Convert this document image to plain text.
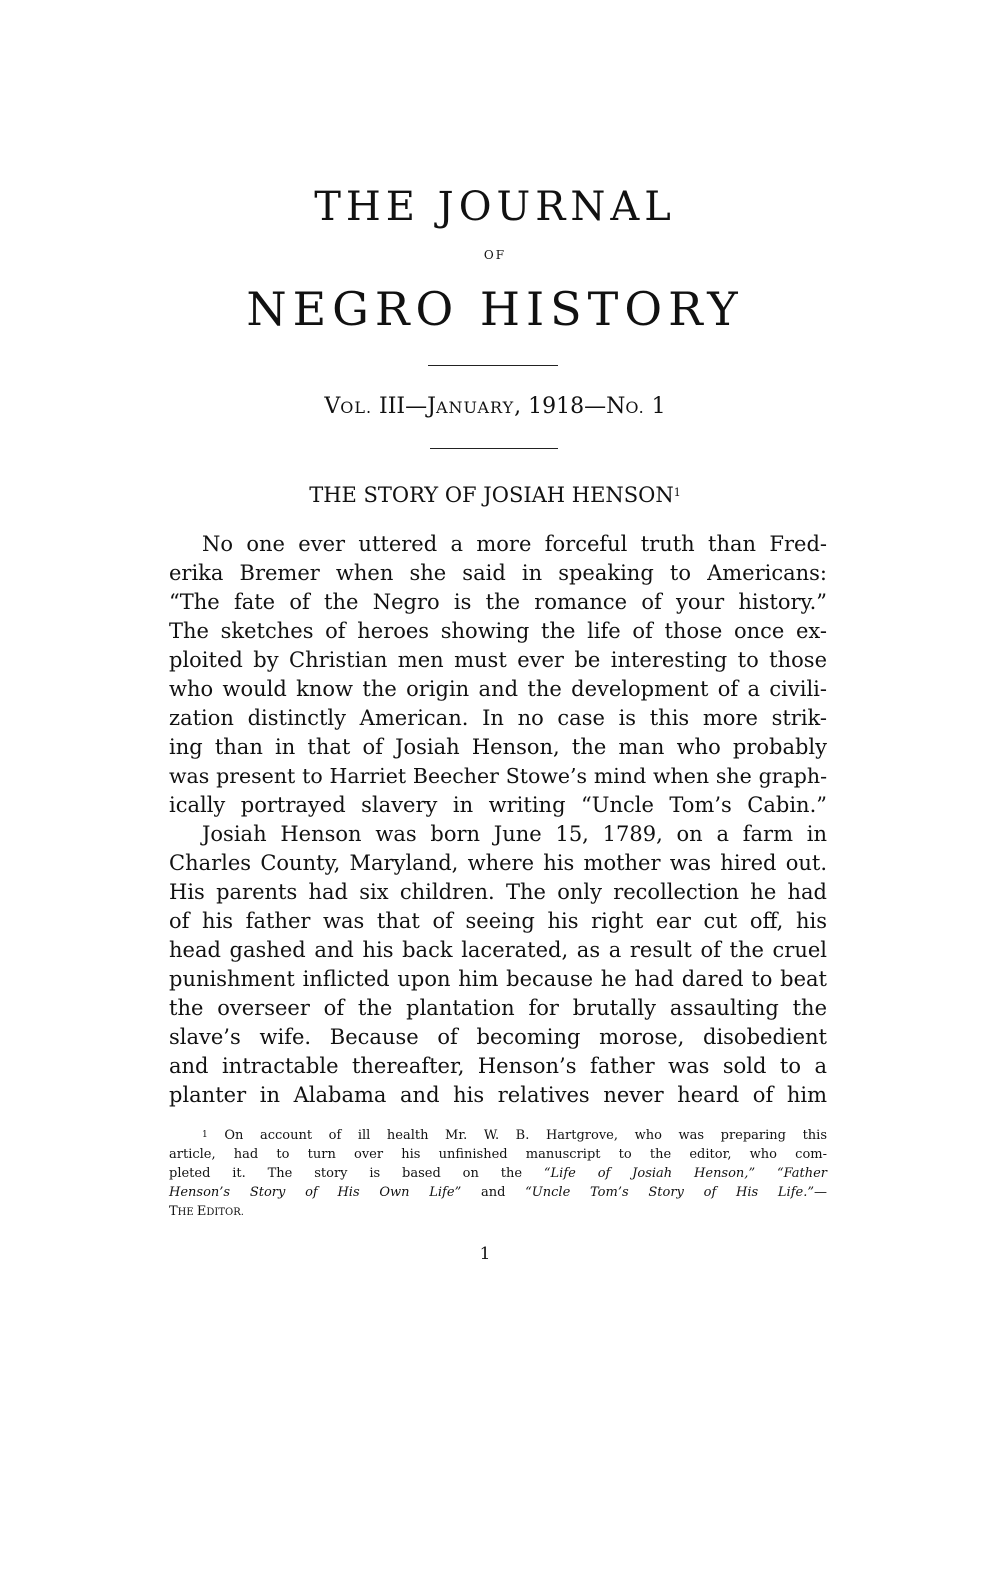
THE JOURNAL
OF
NEGRO HISTORY
VOL. III—JANUARY, 1918—NO. 1
THE STORY OF JOSIAH HENSON$^1$
No one ever uttered a more forceful truth than Fred-
erika Bremer when she said in speaking to Americans:
“The fate of the Negro is the romance of your history.”
The sketches of heroes showing the life of those once ex-
ploited by Christian men must ever be interesting to those
who would know the origin and the development of a civili-
zation distinctly American. In no case is this more strik-
ing than in that of Josiah Henson, the man who probably
was present to Harriet Beecher Stowe’s mind when she graph-
ically portrayed slavery in writing “Uncle Tom’s Cabin.”
Josiah Henson was born June 15, 1789, on a farm in
Charles County, Maryland, where his mother was hired out.
His parents had six children. The only recollection he had
of his father was that of seeing his right ear cut off, his
head gashed and his back lacerated, as a result of the cruel
punishment inflicted upon him because he had dared to beat
the overseer of the plantation for brutally assaulting the
slave’s wife. Because of becoming morose, disobedient
and intractable thereafter, Henson’s father was sold to a
planter in Alabama and his relatives never heard of him
$^1$ On account of ill health Mr. W. B. Hartgrove, who was preparing this
article, had to turn over his unfinished manuscript to the editor, who com-
pleted it. The story is based on the “Life of Josiah Henson,” “Father
Henson’s Story of His Own Life” and “Uncle Tom’s Story of His Life.”—
THE EDITOR.
1
